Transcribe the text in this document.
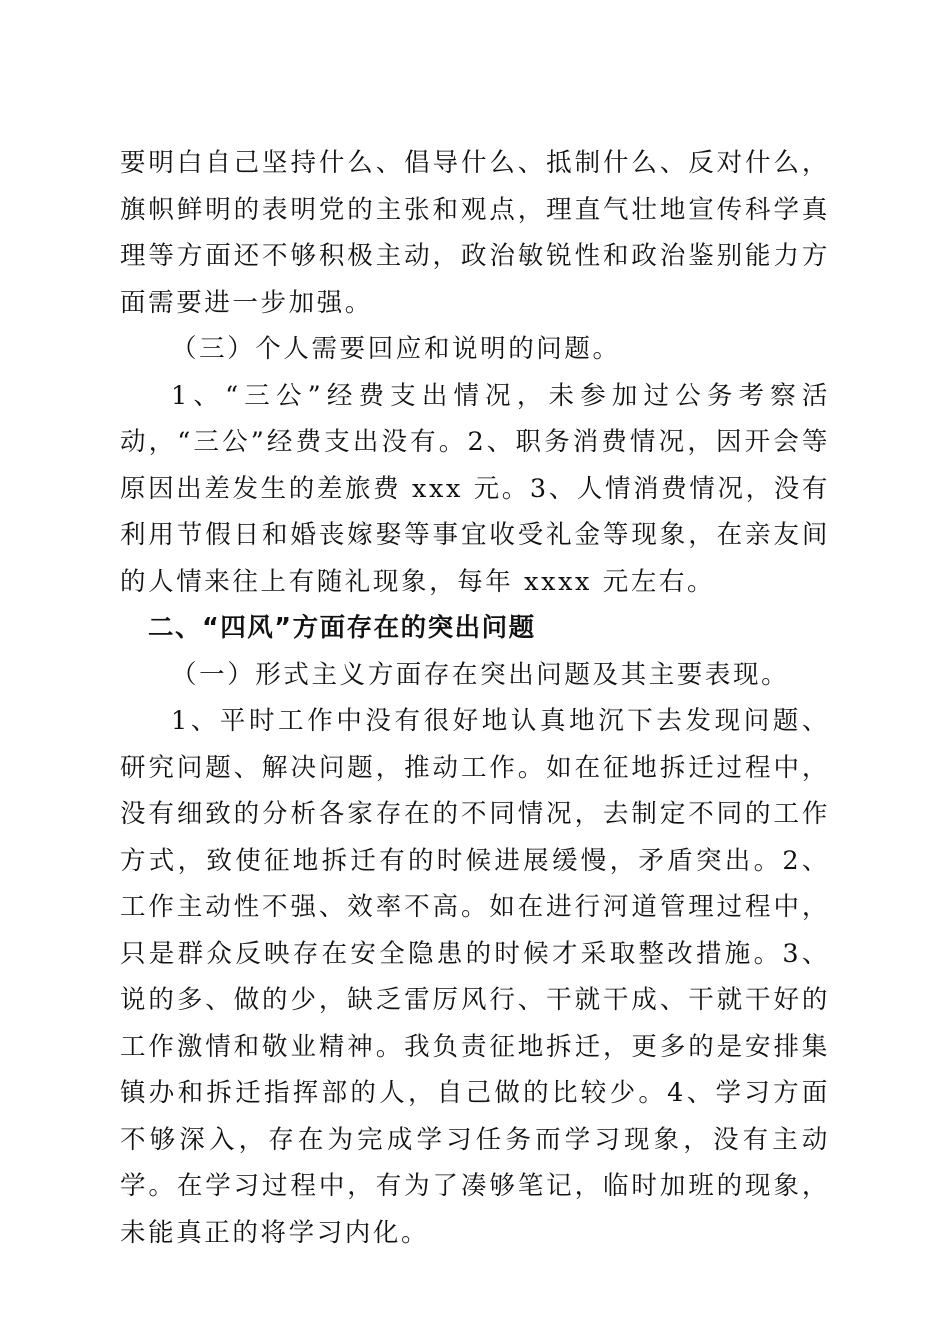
要明白自己坚持什么、倡导什么、抵制什么、反对什么，旗帜鲜明的表明党的主张和观点，理直气壮地宣传科学真理等方面还不够积极主动，政治敏锐性和政治鉴别能力方面需要进一步加强。

（三）个人需要回应和说明的问题。

1、“三公”经费支出情况，未参加过公务考察活动，“三公”经费支出没有。2、职务消费情况，因开会等原因出差发生的差旅费 xxx 元。3、人情消费情况，没有利用节假日和婚丧嫁娶等事宜收受礼金等现象，在亲友间的人情来往上有随礼现象，每年 xxxx 元左右。

二、“四风”方面存在的突出问题

（一）形式主义方面存在突出问题及其主要表现。

1、平时工作中没有很好地认真地沉下去发现问题、研究问题、解决问题，推动工作。如在征地拆迁过程中，没有细致的分析各家存在的不同情况，去制定不同的工作方式，致使征地拆迁有的时候进展缓慢，矛盾突出。2、工作主动性不强、效率不高。如在进行河道管理过程中，只是群众反映存在安全隐患的时候才采取整改措施。3、说的多、做的少，缺乏雷厉风行、干就干成、干就干好的工作激情和敬业精神。我负责征地拆迁，更多的是安排集镇办和拆迁指挥部的人，自己做的比较少。4、学习方面不够深入，存在为完成学习任务而学习现象，没有主动学。在学习过程中，有为了凑够笔记，临时加班的现象，未能真正的将学习内化。
